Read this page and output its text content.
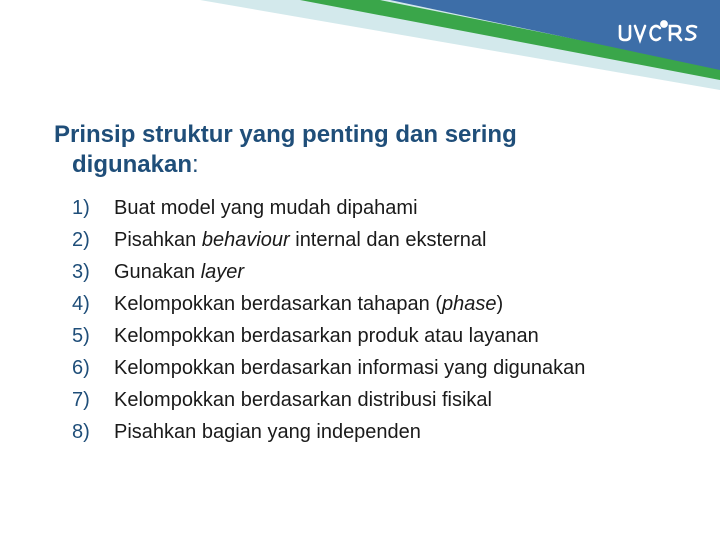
Prinsip struktur yang penting dan sering
digunakan:
1)	Buat model yang mudah dipahami
2)	Pisahkan behaviour internal dan eksternal
3)	Gunakan layer
4)	Kelompokkan berdasarkan tahapan (phase)
5)	Kelompokkan berdasarkan produk atau layanan
6)	Kelompokkan berdasarkan informasi yang digunakan
7)	Kelompokkan berdasarkan distribusi fisikal
8)	Pisahkan bagian yang independen
